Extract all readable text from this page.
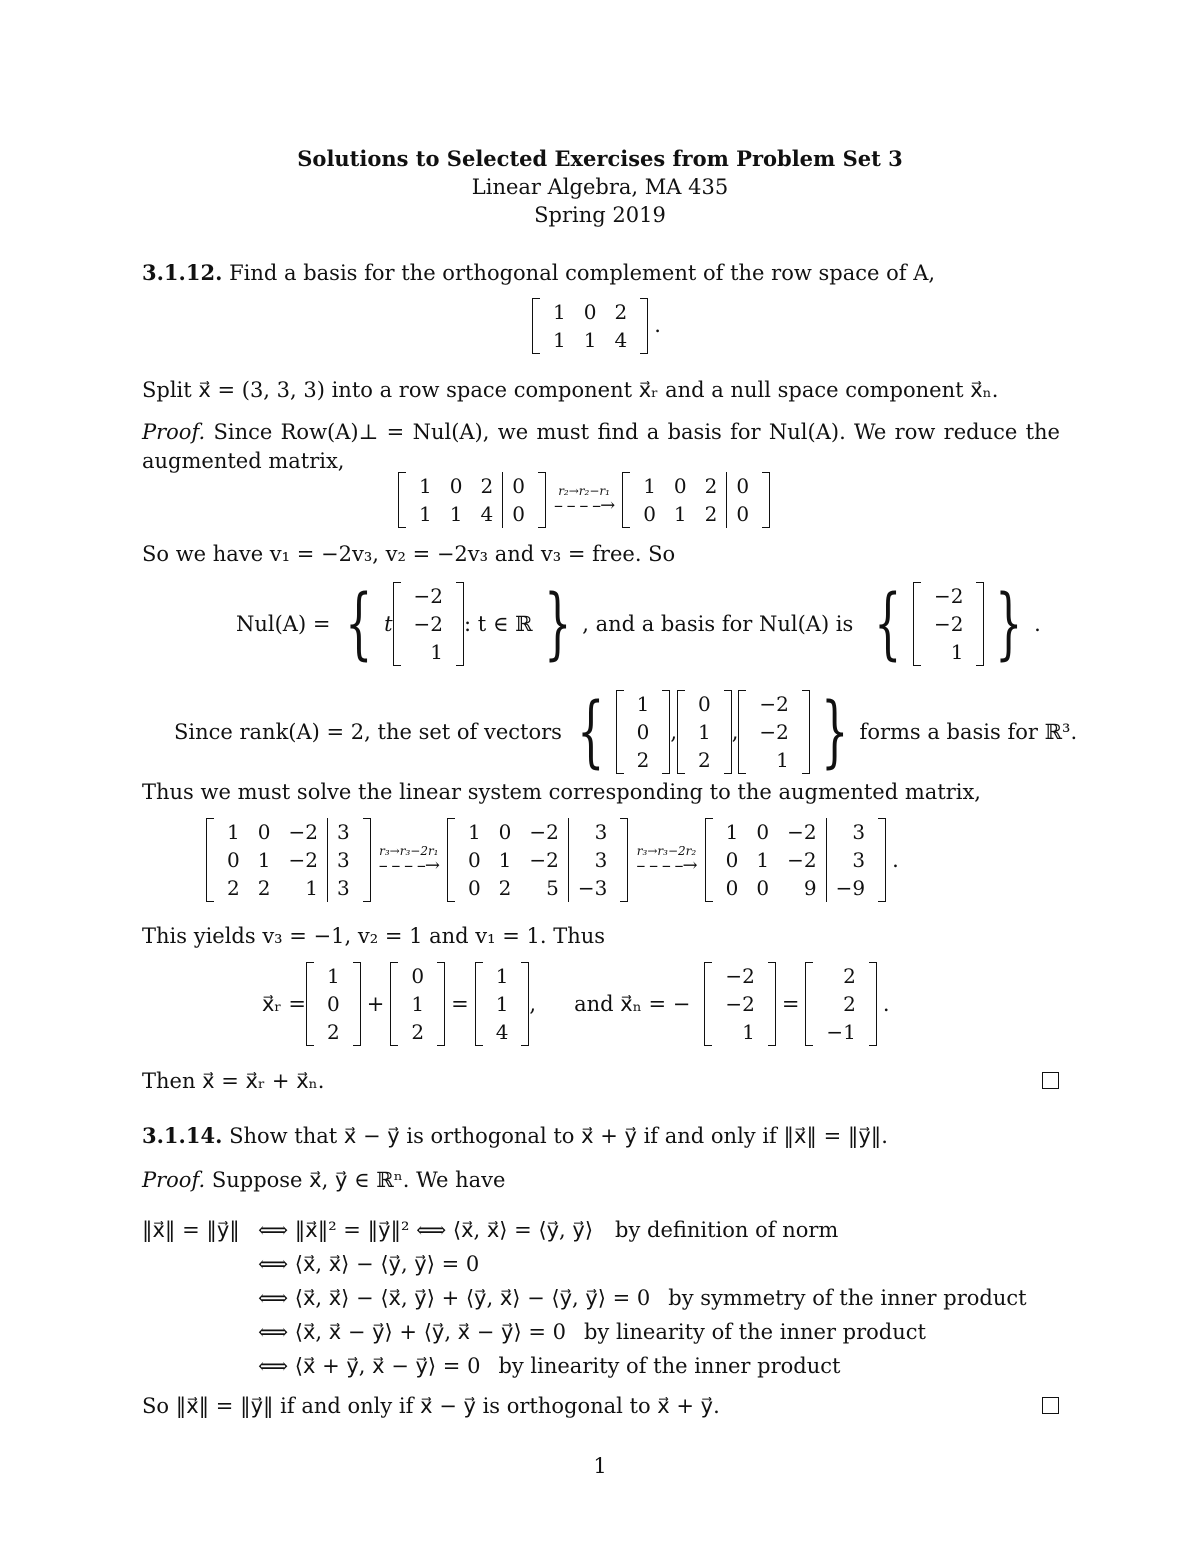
Solutions to Selected Exercises from Problem Set 3
Linear Algebra, MA 435
Spring 2019
3.1.12. Find a basis for the orthogonal complement of the row space of A,
1	0	2
1	1	4
.
Split x⃗ = (3, 3, 3) into a row space component x⃗ᵣ and a null space component x⃗ₙ.
Proof. Since Row(A)⊥ = Nul(A), we must find a basis for Nul(A). We row reduce the augmented matrix,
1	0	2	0
1	1	4	0
r₂→r₂−r₁
– – – –→
1	0	2	0
0	1	2	0
So we have v₁ = −2v₃, v₂ = −2v₃ and v₃ = free. So
Nul(A) = { t
−2
−2
1
: t ∈ ℝ } , and a basis for Nul(A) is { −2
−2
1 } .
Since rank(A) = 2, the set of vectors { 1
0
2
,
0
1
2
,
−2
−2
1 } forms a basis for ℝ³.
Thus we must solve the linear system corresponding to the augmented matrix,
1	0	−2	3
0	1	−2	3
2	2	1	3
r₃→r₃−2r₁
– – – –→
1	0	−2	3
0	1	−2	3
0	2	5	−3
r₃→r₃−2r₂
– – – –→
1	0	−2	3
0	1	−2	3
0	0	9	−9
.
This yields v₃ = −1, v₂ = 1 and v₁ = 1. Thus
x⃗ᵣ =
1
0
2
+
0
1
2
=
1
1
4
, and x⃗ₙ = −
−2
−2
1
=
2
2
−1
.
Then x⃗ = x⃗ᵣ + x⃗ₙ.
3.1.14. Show that x⃗ − y⃗ is orthogonal to x⃗ + y⃗ if and only if ‖x⃗‖ = ‖y⃗‖.
Proof. Suppose x⃗, y⃗ ∈ ℝⁿ. We have
‖x⃗‖ = ‖y⃗‖ ⟺ ‖x⃗‖² = ‖y⃗‖² ⟺ ⟨x⃗, x⃗⟩ = ⟨y⃗, y⃗⟩ by definition of norm
⟺ ⟨x⃗, x⃗⟩ − ⟨y⃗, y⃗⟩ = 0
⟺ ⟨x⃗, x⃗⟩ − ⟨x⃗, y⃗⟩ + ⟨y⃗, x⃗⟩ − ⟨y⃗, y⃗⟩ = 0 by symmetry of the inner product
⟺ ⟨x⃗, x⃗ − y⃗⟩ + ⟨y⃗, x⃗ − y⃗⟩ = 0 by linearity of the inner product
⟺ ⟨x⃗ + y⃗, x⃗ − y⃗⟩ = 0 by linearity of the inner product
So ‖x⃗‖ = ‖y⃗‖ if and only if x⃗ − y⃗ is orthogonal to x⃗ + y⃗.
1
